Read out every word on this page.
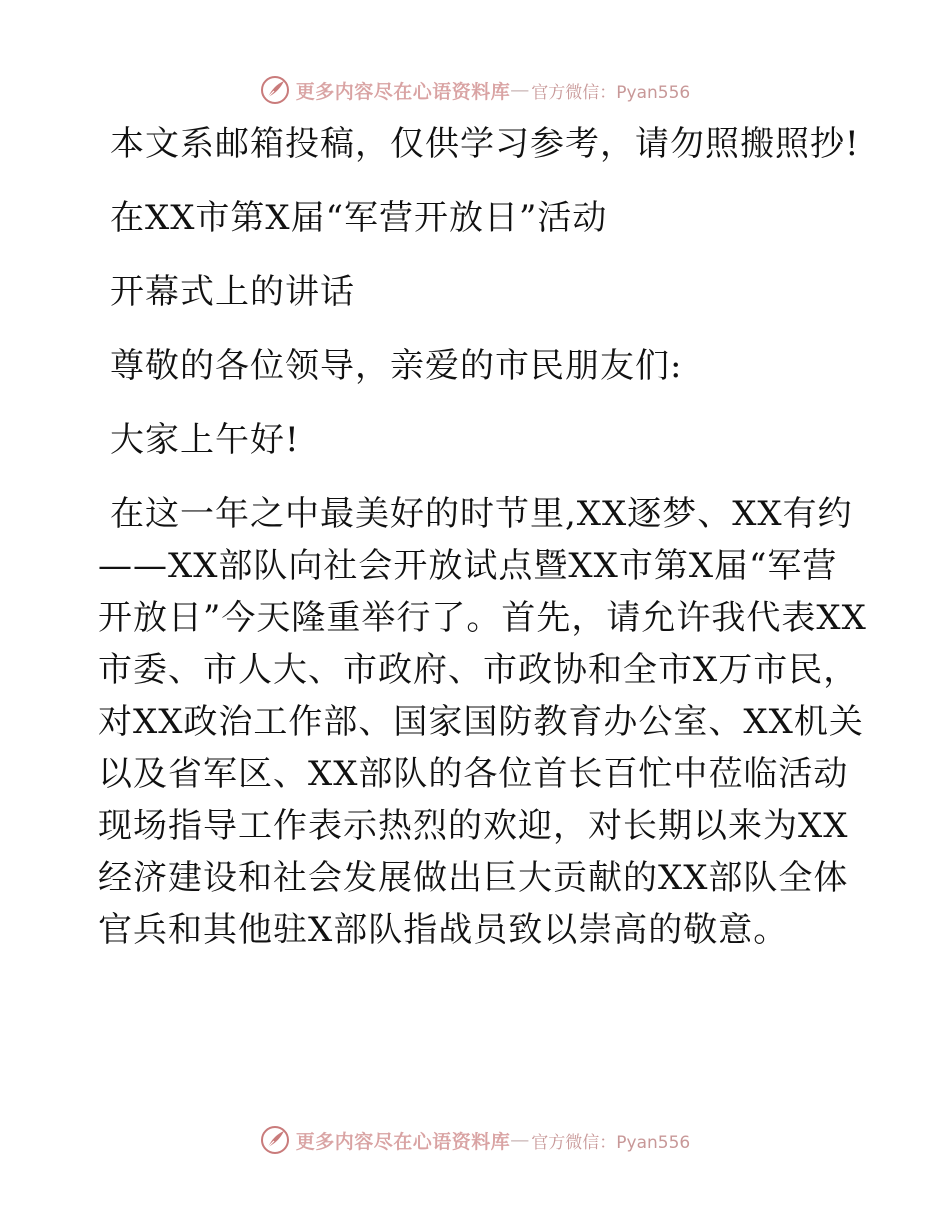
更多内容尽在心语资料库 — 官方微信：Pyan556

本文系邮箱投稿，仅供学习参考，请勿照搬照抄!

在XX市第X届“军营开放日”活动

开幕式上的讲话

尊敬的各位领导，亲爱的市民朋友们:

大家上午好!

在这一年之中最美好的时节里,XX逐梦、XX有约——XX部队向社会开放试点暨XX市第X届“军营开放日”今天隆重举行了。首先，请允许我代表XX市委、市人大、市政府、市政协和全市X万市民，对XX政治工作部、国家国防教育办公室、XX机关以及省军区、XX部队的各位首长百忙中莅临活动现场指导工作表示热烈的欢迎，对长期以来为XX经济建设和社会发展做出巨大贡献的XX部队全体官兵和其他驻X部队指战员致以崇高的敬意。

更多内容尽在心语资料库 — 官方微信：Pyan556
